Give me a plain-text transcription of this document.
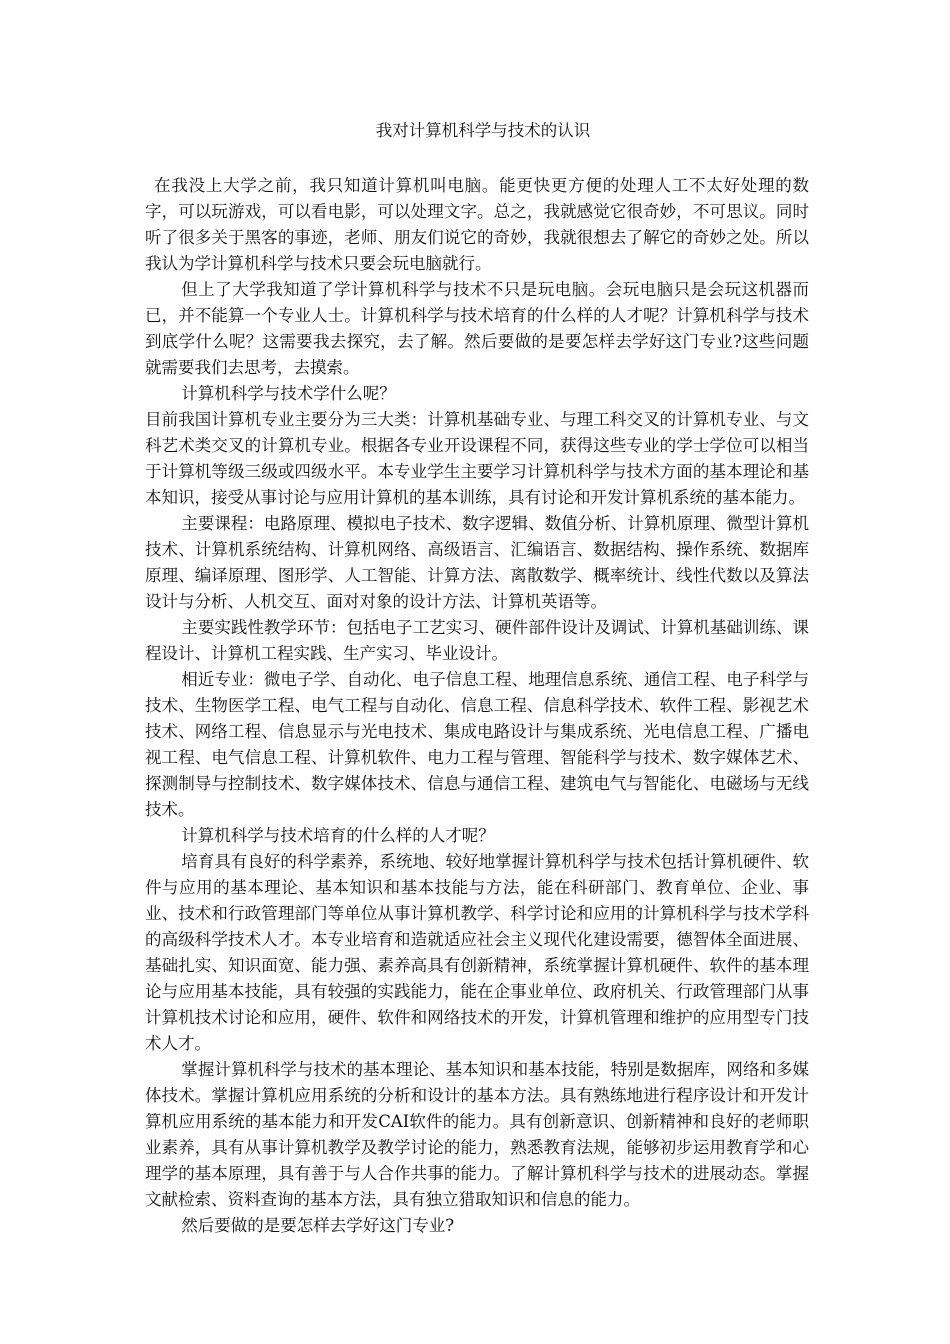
我对计算机科学与技术的认识

在我没上大学之前，我只知道计算机叫电脑。能更快更方便的处理人工不太好处理的数字，可以玩游戏，可以看电影，可以处理文字。总之，我就感觉它很奇妙，不可思议。同时听了很多关于黑客的事迹，老师、朋友们说它的奇妙，我就很想去了解它的奇妙之处。所以我认为学计算机科学与技术只要会玩电脑就行。

但上了大学我知道了学计算机科学与技术不只是玩电脑。会玩电脑只是会玩这机器而已，并不能算一个专业人士。计算机科学与技术培育的什么样的人才呢？计算机科学与技术到底学什么呢？这需要我去探究，去了解。然后要做的是要怎样去学好这门专业?这些问题就需要我们去思考，去摸索。

计算机科学与技术学什么呢？

目前我国计算机专业主要分为三大类：计算机基础专业、与理工科交叉的计算机专业、与文科艺术类交叉的计算机专业。根据各专业开设课程不同，获得这些专业的学士学位可以相当于计算机等级三级或四级水平。本专业学生主要学习计算机科学与技术方面的基本理论和基本知识，接受从事讨论与应用计算机的基本训练，具有讨论和开发计算机系统的基本能力。

主要课程：电路原理、模拟电子技术、数字逻辑、数值分析、计算机原理、微型计算机技术、计算机系统结构、计算机网络、高级语言、汇编语言、数据结构、操作系统、数据库原理、编译原理、图形学、人工智能、计算方法、离散数学、概率统计、线性代数以及算法设计与分析、人机交互、面对对象的设计方法、计算机英语等。

主要实践性教学环节：包括电子工艺实习、硬件部件设计及调试、计算机基础训练、课程设计、计算机工程实践、生产实习、毕业设计。

相近专业：微电子学、自动化、电子信息工程、地理信息系统、通信工程、电子科学与技术、生物医学工程、电气工程与自动化、信息工程、信息科学技术、软件工程、影视艺术技术、网络工程、信息显示与光电技术、集成电路设计与集成系统、光电信息工程、广播电视工程、电气信息工程、计算机软件、电力工程与管理、智能科学与技术、数字媒体艺术、探测制导与控制技术、数字媒体技术、信息与通信工程、建筑电气与智能化、电磁场与无线技术。

计算机科学与技术培育的什么样的人才呢？

培育具有良好的科学素养，系统地、较好地掌握计算机科学与技术包括计算机硬件、软件与应用的基本理论、基本知识和基本技能与方法，能在科研部门、教育单位、企业、事业、技术和行政管理部门等单位从事计算机教学、科学讨论和应用的计算机科学与技术学科的高级科学技术人才。本专业培育和造就适应社会主义现代化建设需要，德智体全面进展、基础扎实、知识面宽、能力强、素养高具有创新精神，系统掌握计算机硬件、软件的基本理论与应用基本技能，具有较强的实践能力，能在企事业单位、政府机关、行政管理部门从事计算机技术讨论和应用，硬件、软件和网络技术的开发，计算机管理和维护的应用型专门技术人才。

掌握计算机科学与技术的基本理论、基本知识和基本技能，特别是数据库，网络和多媒体技术。掌握计算机应用系统的分析和设计的基本方法。具有熟练地进行程序设计和开发计算机应用系统的基本能力和开发CAI软件的能力。具有创新意识、创新精神和良好的老师职业素养，具有从事计算机教学及教学讨论的能力，熟悉教育法规，能够初步运用教育学和心理学的基本原理，具有善于与人合作共事的能力。了解计算机科学与技术的进展动态。掌握文献检索、资料查询的基本方法，具有独立猎取知识和信息的能力。

然后要做的是要怎样去学好这门专业?
